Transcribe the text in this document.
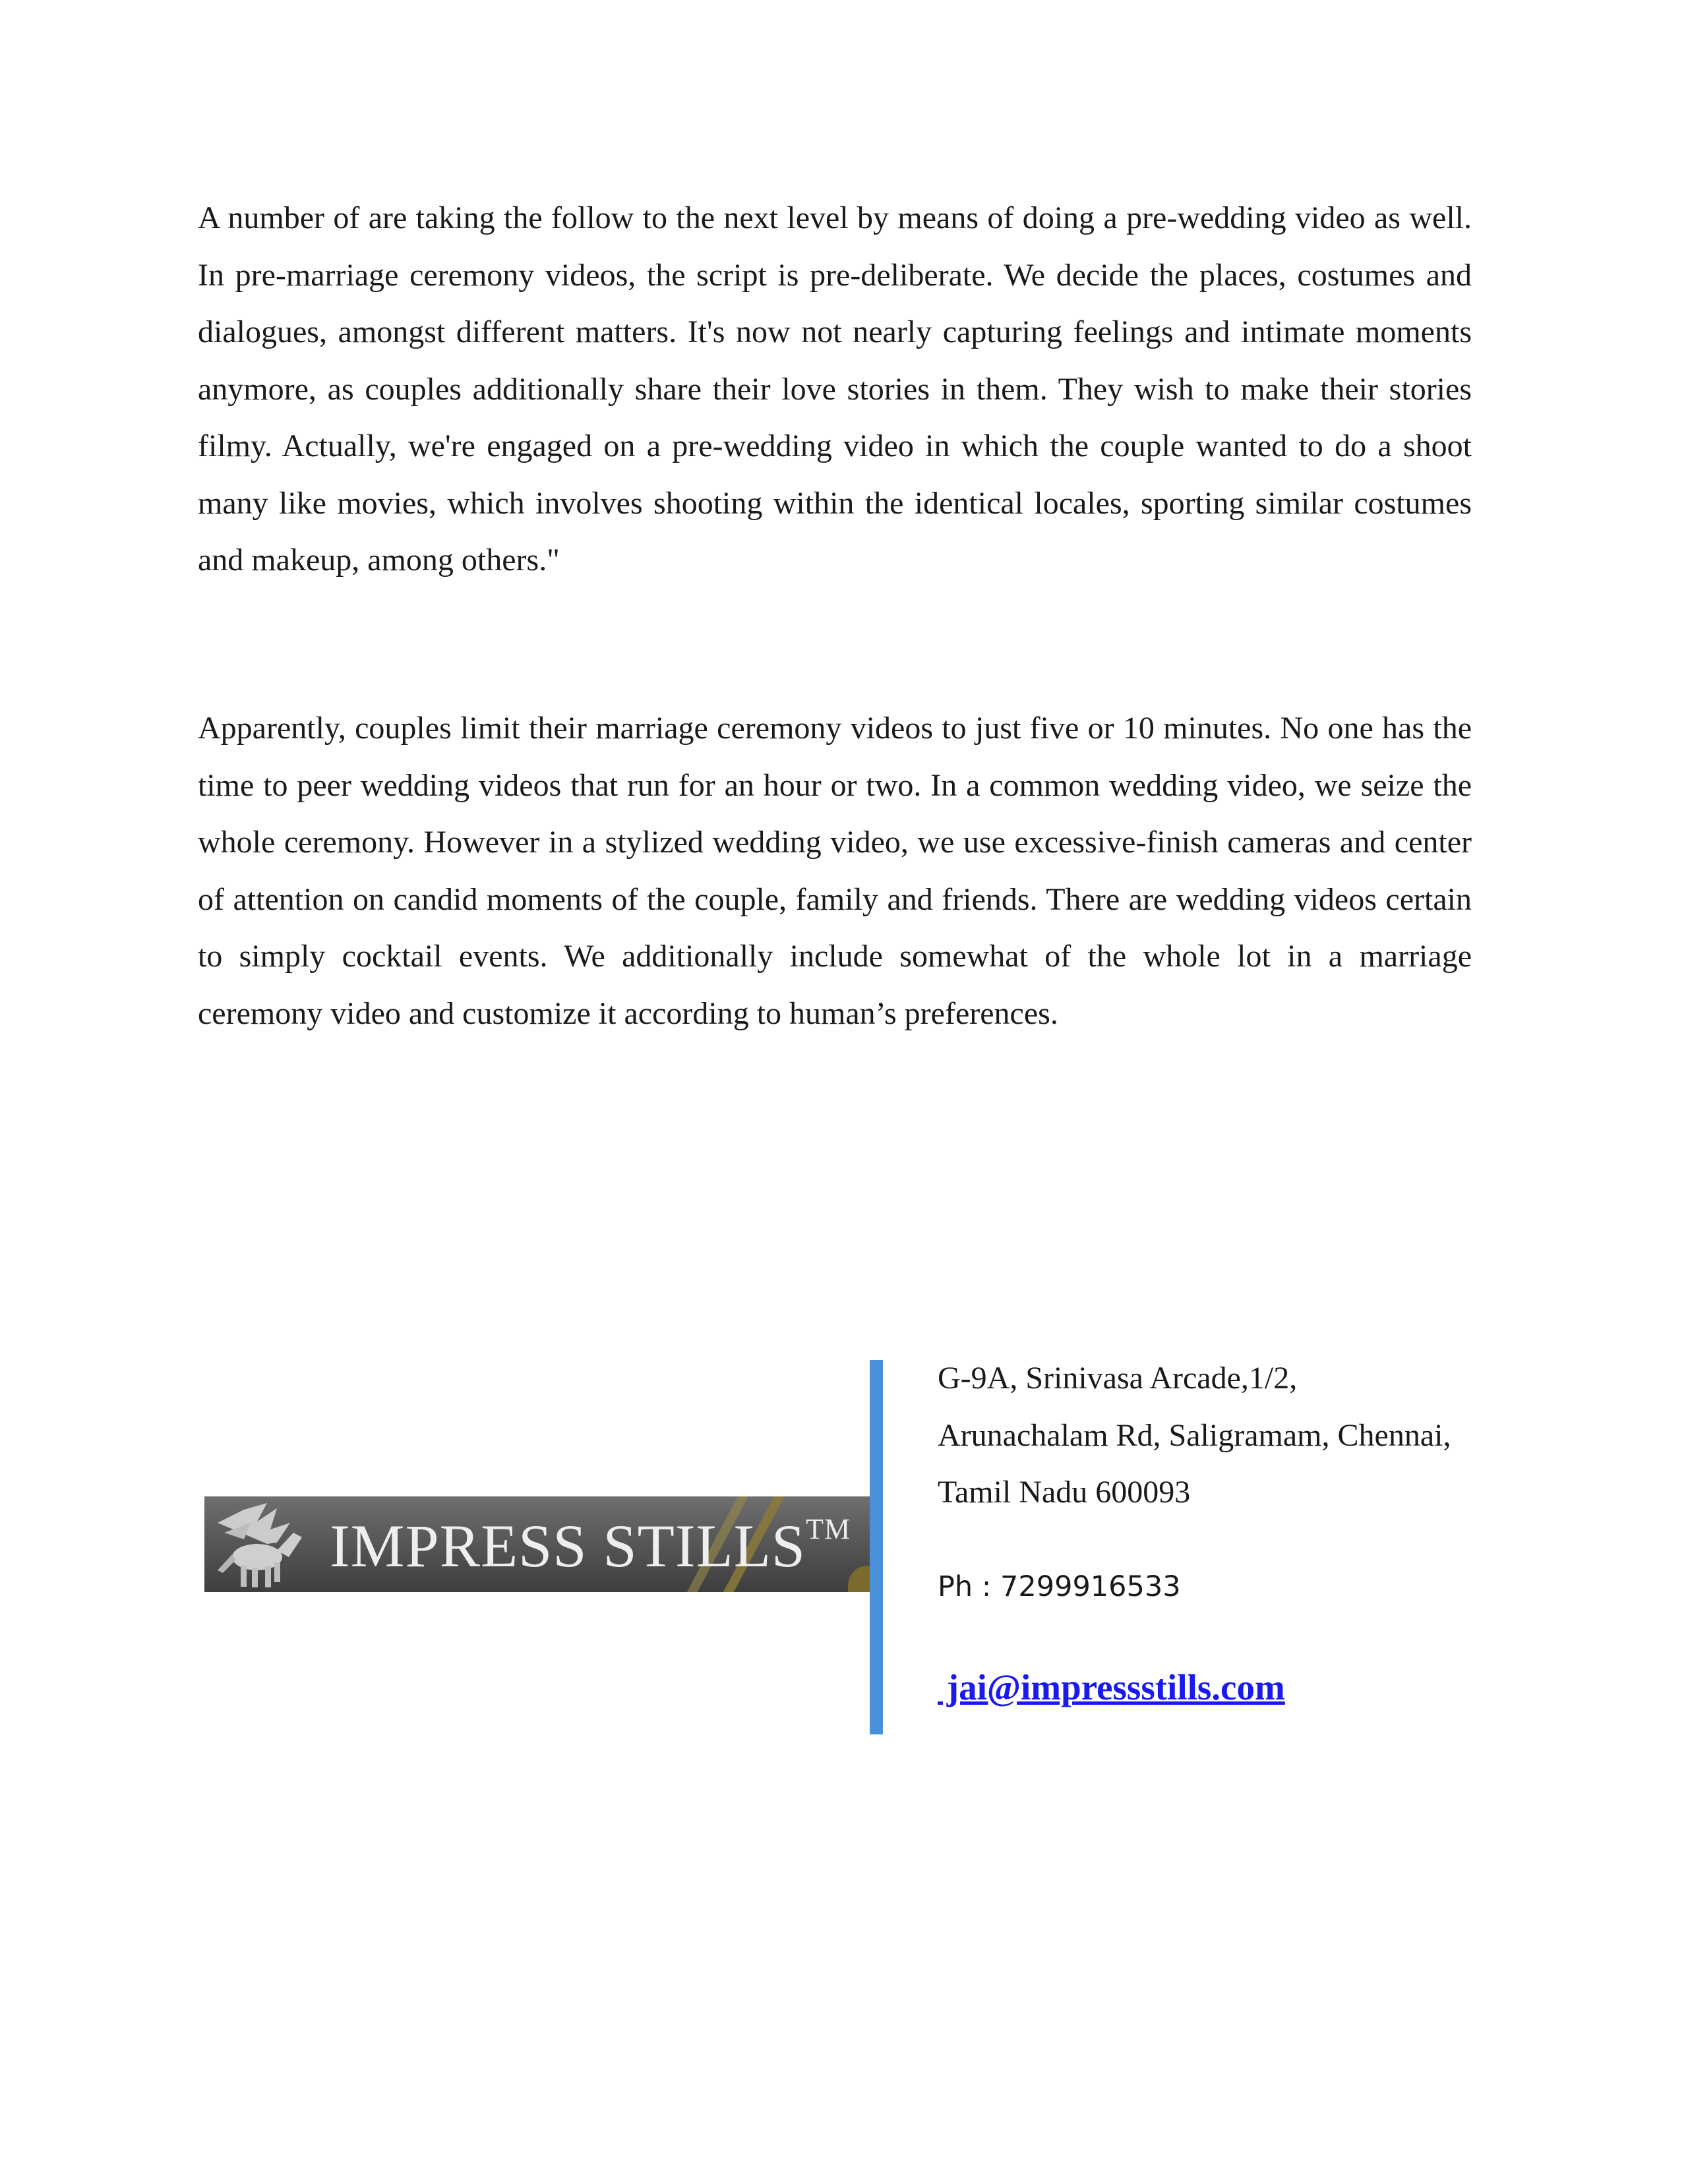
A number of are taking the follow to the next level by means of doing a pre-wedding video as well. In pre-marriage ceremony videos, the script is pre-deliberate. We decide the places, costumes and dialogues, amongst different matters. It's now not nearly capturing feelings and intimate moments anymore, as couples additionally share their love stories in them. They wish to make their stories filmy. Actually, we're engaged on a pre-wedding video in which the couple wanted to do a shoot many like movies, which involves shooting within the identical locales, sporting similar costumes and makeup, among others."

Apparently, couples limit their marriage ceremony videos to just five or 10 minutes. No one has the time to peer wedding videos that run for an hour or two. In a common wedding video, we seize the whole ceremony. However in a stylized wedding video, we use excessive-finish cameras and center of attention on candid moments of the couple, family and friends. There are wedding videos certain to simply cocktail events. We additionally include somewhat of the whole lot in a marriage ceremony video and customize it according to human’s preferences.

IMPRESS STILLS™

G-9A, Srinivasa Arcade,1/2,
Arunachalam Rd, Saligramam, Chennai,
Tamil Nadu 600093

Ph : 7299916533

jai@impressstills.com
